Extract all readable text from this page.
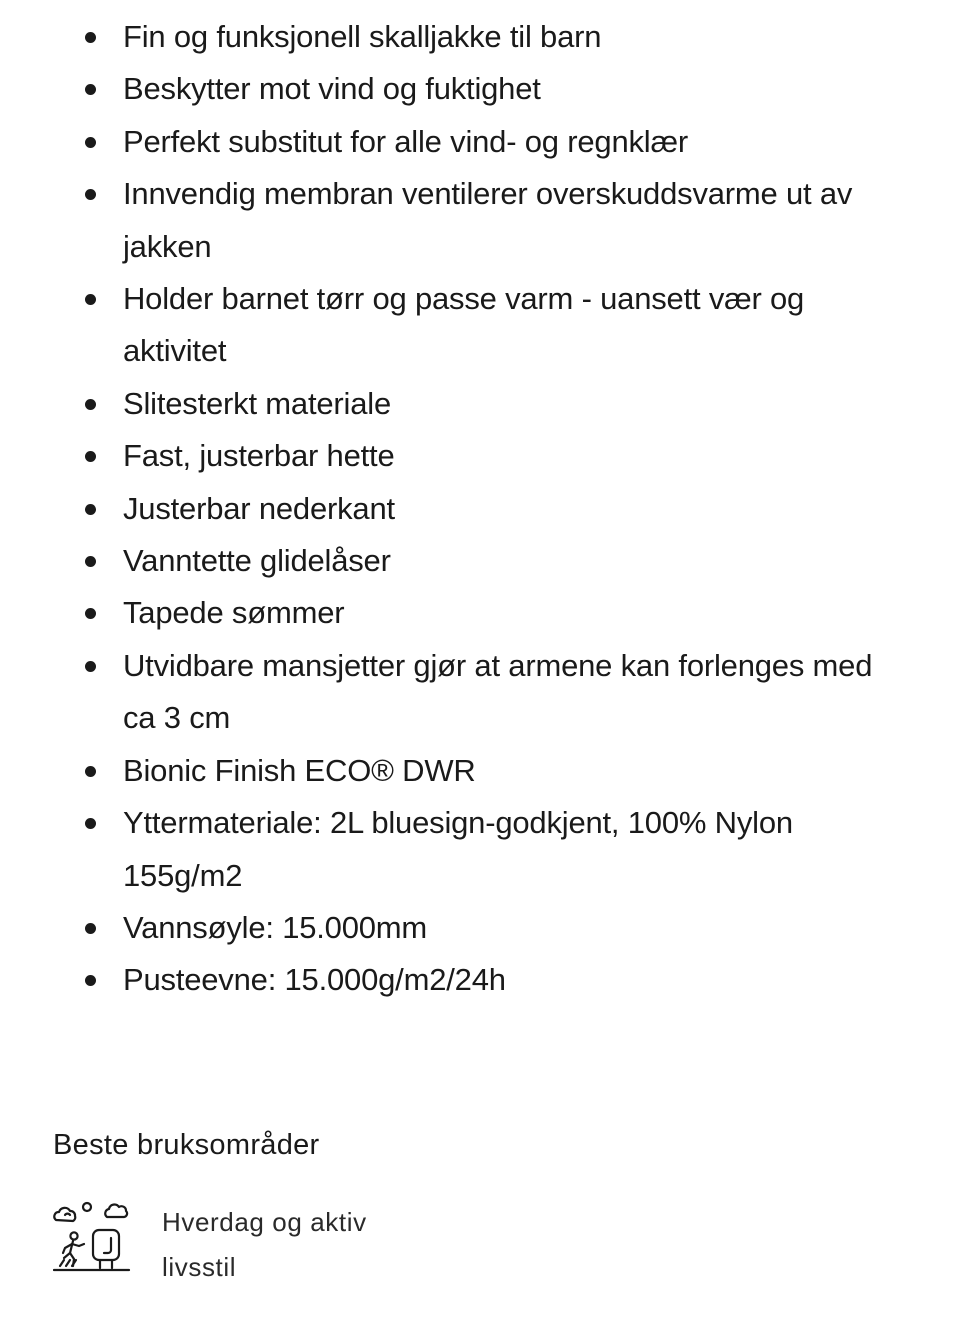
Fin og funksjonell skalljakke til barn
Beskytter mot vind og fuktighet
Perfekt substitut for alle vind- og regnklær
Innvendig membran ventilerer overskuddsvarme ut av jakken
Holder barnet tørr og passe varm - uansett vær og aktivitet
Slitesterkt materiale
Fast, justerbar hette
Justerbar nederkant
Vanntette glidelåser
Tapede sømmer
Utvidbare mansjetter gjør at armene kan forlenges med ca 3 cm
Bionic Finish ECO® DWR
Yttermateriale: 2L bluesign-godkjent, 100% Nylon 155g/m2
Vannsøyle: 15.000mm
Pusteevne: 15.000g/m2/24h
Beste bruksområder
Hverdag og aktiv livsstil
